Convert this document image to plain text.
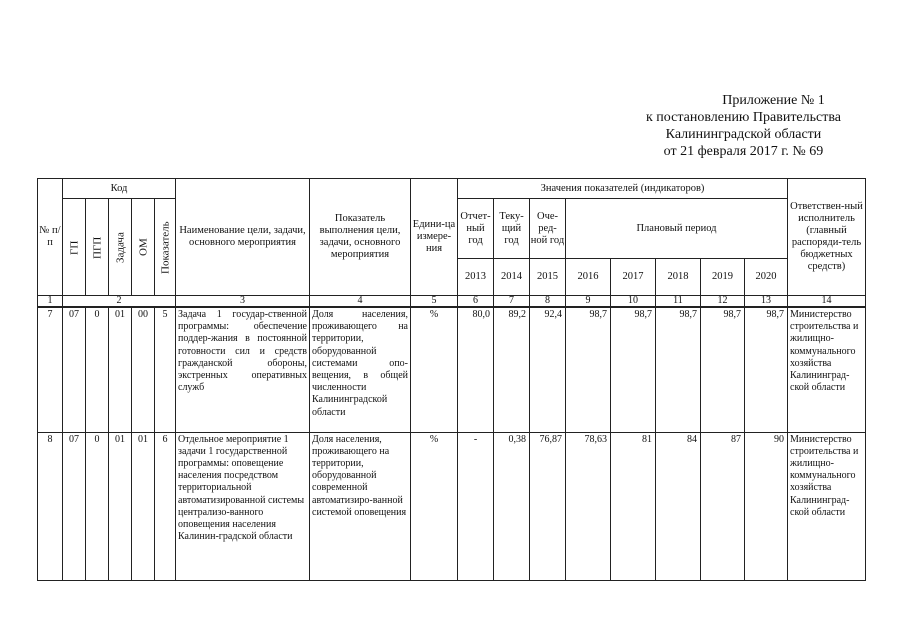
Приложение № 1
к постановлению Правительства
Калининградской области
от 21 февраля 2017 г. № 69
№ п/п	Код					Наименование цели, задачи, основного мероприятия	Показатель выполнения цели, задачи, основного мероприятия	Едини-ца измере-ния	Значения показателей (индикаторов)								Ответствен-ный исполнитель (главный распоряди-тель бюджетных средств)
	ГП	ПГП	Задача	ОМ	Показатель				Отчет-ный год	Теку-щий год	Оче-ред-ной год	Плановый период					
									2013	2014	2015	2016	2017	2018	2019	2020	
1	2					3	4	5	6	7	8	9	10	11	12	13	14
7	07	0	01	00	5	Задача 1 государ-ственной программы: обеспечение поддер-жания в постоянной готовности сил и средств гражданской обороны, экстренных оперативных служб	Доля населения, проживающего на территории, оборудованной системами опо-вещения, в общей численности Калининградской области	%	80,0	89,2	92,4	98,7	98,7	98,7	98,7	98,7	Министерство строительства и жилищно-коммунального хозяйства Калининград-ской области
8	07	0	01	01	6	Отдельное мероприятие 1 задачи 1 государственной программы: оповещение населения посредством территориальной автоматизированной системы централизо-ванного оповещения населения Калинин-градской области	Доля населения, проживающего на территории, оборудованной современной автоматизиро-ванной системой оповещения	%	-	0,38	76,87	78,63	81	84	87	90	Министерство строительства и жилищно-коммунального хозяйства Калининград-ской области
